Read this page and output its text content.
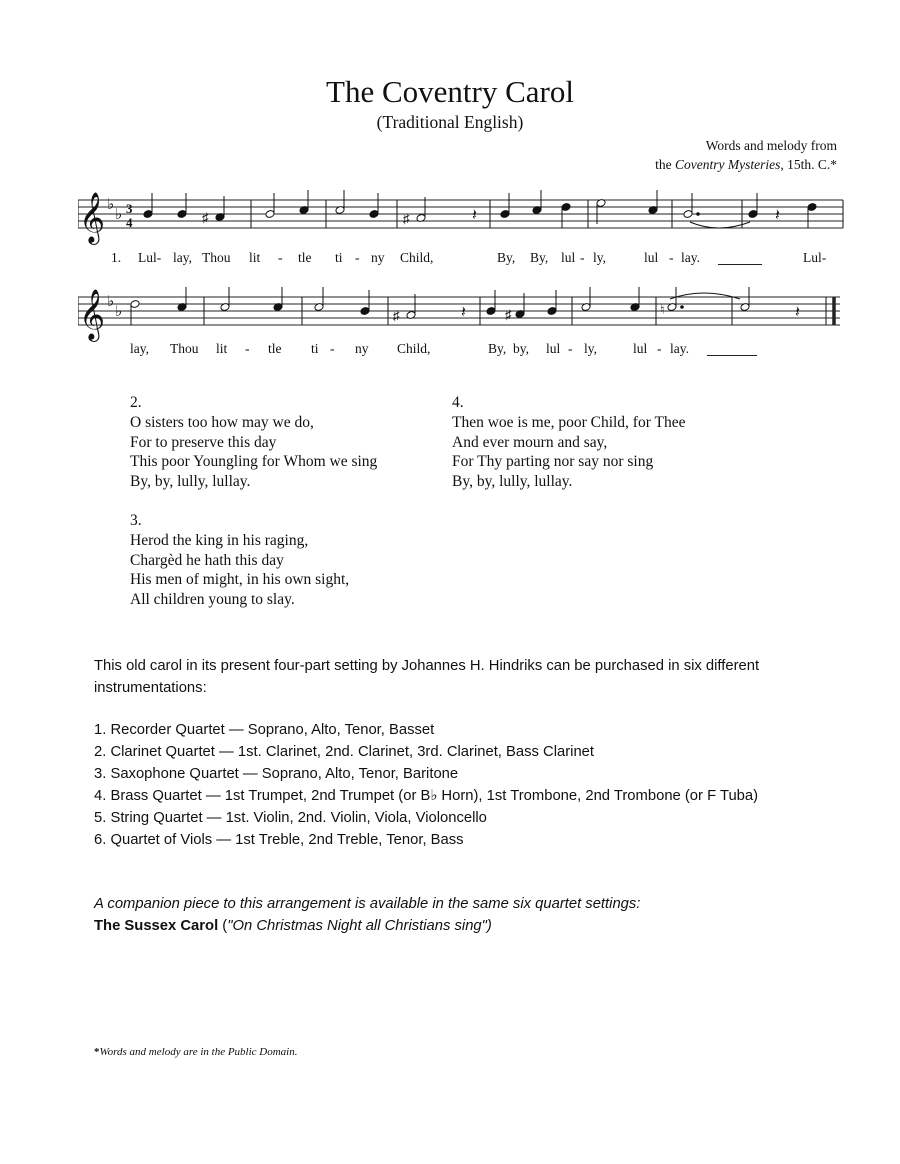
The Coventry Carol
(Traditional English)
Words and melody from
the Coventry Mysteries, 15th. C.*
𝄞 ♭
♭ 3
4	♯	♯	𝄽	𝄽
1. Lul- lay, Thou lit - tle ti - ny Child,	By, By, lul - ly,	lul - lay.	Lul-
𝄞 ♭
♭	♯	𝄽	♯	♮	𝄽
lay, Thou lit - tle ti - ny Child,	By, by, lul - ly,	lul - lay.
2.
O sisters too how may we do,
For to preserve this day
This poor Youngling for Whom we sing
By, by, lully, lullay.
3.
Herod the king in his raging,
Chargèd he hath this day
His men of might, in his own sight,
All children young to slay.
4.
Then woe is me, poor Child, for Thee
And ever mourn and say,
For Thy parting nor say nor sing
By, by, lully, lullay.
This old carol in its present four-part setting by Johannes H. Hindriks can be purchased in six different instrumentations:
1. Recorder Quartet — Soprano, Alto, Tenor, Basset
2. Clarinet Quartet — 1st. Clarinet, 2nd. Clarinet, 3rd. Clarinet, Bass Clarinet
3. Saxophone Quartet — Soprano, Alto, Tenor, Baritone
4. Brass Quartet — 1st Trumpet, 2nd Trumpet (or B♭ Horn), 1st Trombone, 2nd Trombone (or F Tuba)
5. String Quartet — 1st. Violin, 2nd. Violin, Viola, Violoncello
6. Quartet of Viols — 1st Treble, 2nd Treble, Tenor, Bass
A companion piece to this arrangement is available in the same six quartet settings:
The Sussex Carol ("On Christmas Night all Christians sing")
*Words and melody are in the Public Domain.
